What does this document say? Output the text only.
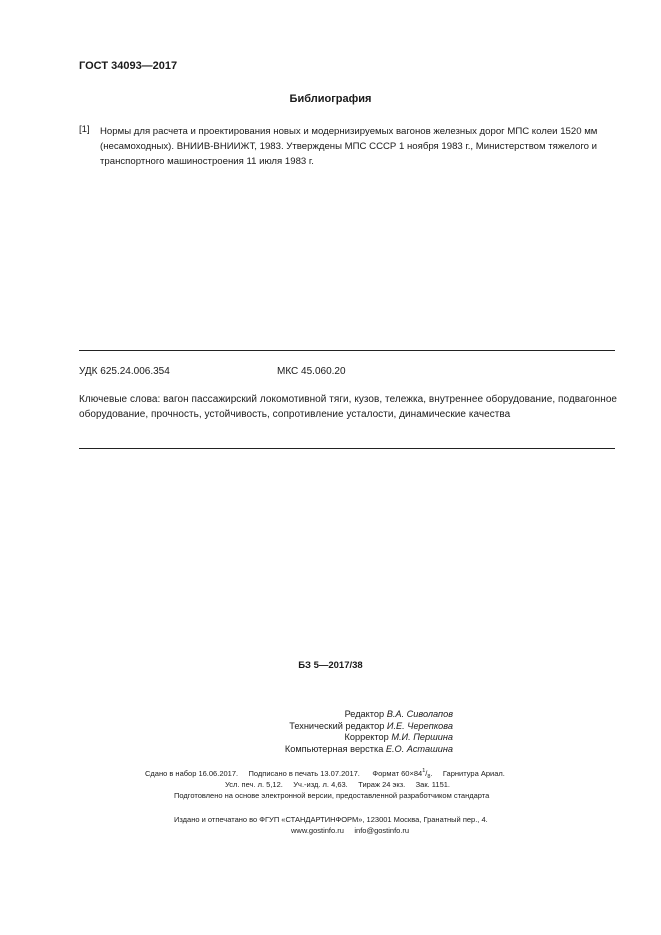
ГОСТ 34093—2017
Библиография
[1] Нормы для расчета и проектирования новых и модернизируемых вагонов железных дорог МПС колеи 1520 мм (несамоходных). ВНИИВ-ВНИИЖТ, 1983. Утверждены МПС СССР 1 ноября 1983 г., Министерством тяжелого и транспортного машиностроения 11 июля 1983 г.
УДК 625.24.006.354	МКС 45.060.20
Ключевые слова: вагон пассажирский локомотивной тяги, кузов, тележка, внутреннее оборудование, подвагонное оборудование, прочность, устойчивость, сопротивление усталости, динамические качества
БЗ 5—2017/38
Редактор В.А. Сиволапов
Технический редактор И.Е. Черепкова
Корректор М.И. Першина
Компьютерная верстка Е.О. Асташина
Сдано в набор 16.06.2017. Подписано в печать 13.07.2017. Формат $60\times 84^1/_8$. Гарнитура Ариал.
Усл. печ. л. 5,12. Уч.-изд. л. 4,63. Тираж 24 экз. Зак. 1151.
Подготовлено на основе электронной версии, предоставленной разработчиком стандарта
Издано и отпечатано во ФГУП «СТАНДАРТИНФОРМ», 123001 Москва, Гранатный пер., 4.
www.gostinfo.ru info@gostinfo.ru
